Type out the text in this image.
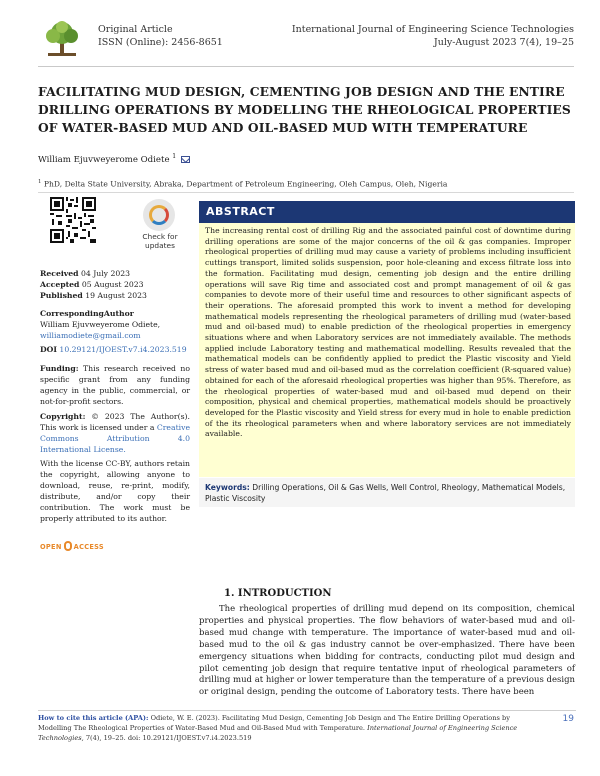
Original Article
ISSN (Online): 2456-8651
International Journal of Engineering Science Technologies
July-August 2023 7(4), 19–25
FACILITATING MUD DESIGN, CEMENTING JOB DESIGN AND THE ENTIRE DRILLING OPERATIONS BY MODELLING THE RHEOLOGICAL PROPERTIES OF WATER-BASED MUD AND OIL-BASED MUD WITH TEMPERATURE
William Ejuvweyerome Odiete $^1$
$^1$ PhD, Delta State University, Abraka, Department of Petroleum Engineering, Oleh Campus, Oleh, Nigeria
Check for
updates
Received 04 July 2023
Accepted 05 August 2023
Published 19 August 2023
CorrespondingAuthor
William Ejuvweyerome Odiete,
williamodiete@gmail.com
DOI 10.29121/IJOEST.v7.i4.2023.519
Funding: This research received no specific grant from any funding agency in the public, commercial, or not-for-profit sectors.
Copyright: © 2023 The Author(s). This work is licensed under a Creative Commons Attribution 4.0 International License.
With the license CC-BY, authors retain the copyright, allowing anyone to download, reuse, re-print, modify, distribute, and/or copy their contribution. The work must be properly attributed to its author.
OPEN ACCESS
ABSTRACT
The increasing rental cost of drilling Rig and the associated painful cost of downtime during drilling operations are some of the major concerns of the oil & gas companies. Improper rheological properties of drilling mud may cause a variety of problems including insufficient cuttings transport, limited solids suspension, poor hole-cleaning and excess filtrate loss into the formation. Facilitating mud design, cementing job design and the entire drilling operations will save Rig time and associated cost and prompt management of oil & gas companies to devote more of their useful time and resources to other significant aspects of their operations. The aforesaid prompted this work to invent a method for developing mathematical models representing the rheological parameters of drilling mud (water-based mud and oil-based mud) to enable prediction of the rheological properties in emergency situations where and when Laboratory services are not immediately available. The methods applied include Laboratory testing and mathematical modelling. Results revealed that the mathematical models can be confidently applied to predict the Plastic viscosity and Yield stress of water based mud and oil-based mud as the correlation coefficient (R-squared value) obtained for each of the aforesaid rheological properties was higher than 95%. Therefore, as the rheological properties of water-based mud and oil-based mud depend on their composition, physical and chemical properties, mathematical models should be proactively developed for the Plastic viscosity and Yield stress for every mud in hole to enable prediction of the its rheological parameters when and where laboratory services are not immediately available.
Keywords: Drilling Operations, Oil & Gas Wells, Well Control, Rheology, Mathematical Models, Plastic Viscosity
1. INTRODUCTION
The rheological properties of drilling mud depend on its composition, chemical properties and physical properties. The flow behaviors of water-based mud and oil-based mud change with temperature. The importance of water-based mud and oil-based mud to the oil & gas industry cannot be over-emphasized. There have been emergency situations when bidding for contracts, conducting pilot mud design and pilot cementing job design that require tentative input of rheological parameters of drilling mud at higher or lower temperature than the temperature of a previous design or original design, pending the outcome of Laboratory tests. There have been
How to cite this article (APA): Odiete, W. E. (2023). Facilitating Mud Design, Cementing Job Design and The Entire Drilling Operations by Modelling The Rheological Properties of Water-Based Mud and Oil-Based Mud with Temperature. International Journal of Engineering Science Technologies, 7(4), 19–25. doi: 10.29121/IJOEST.v7.i4.2023.519
19
